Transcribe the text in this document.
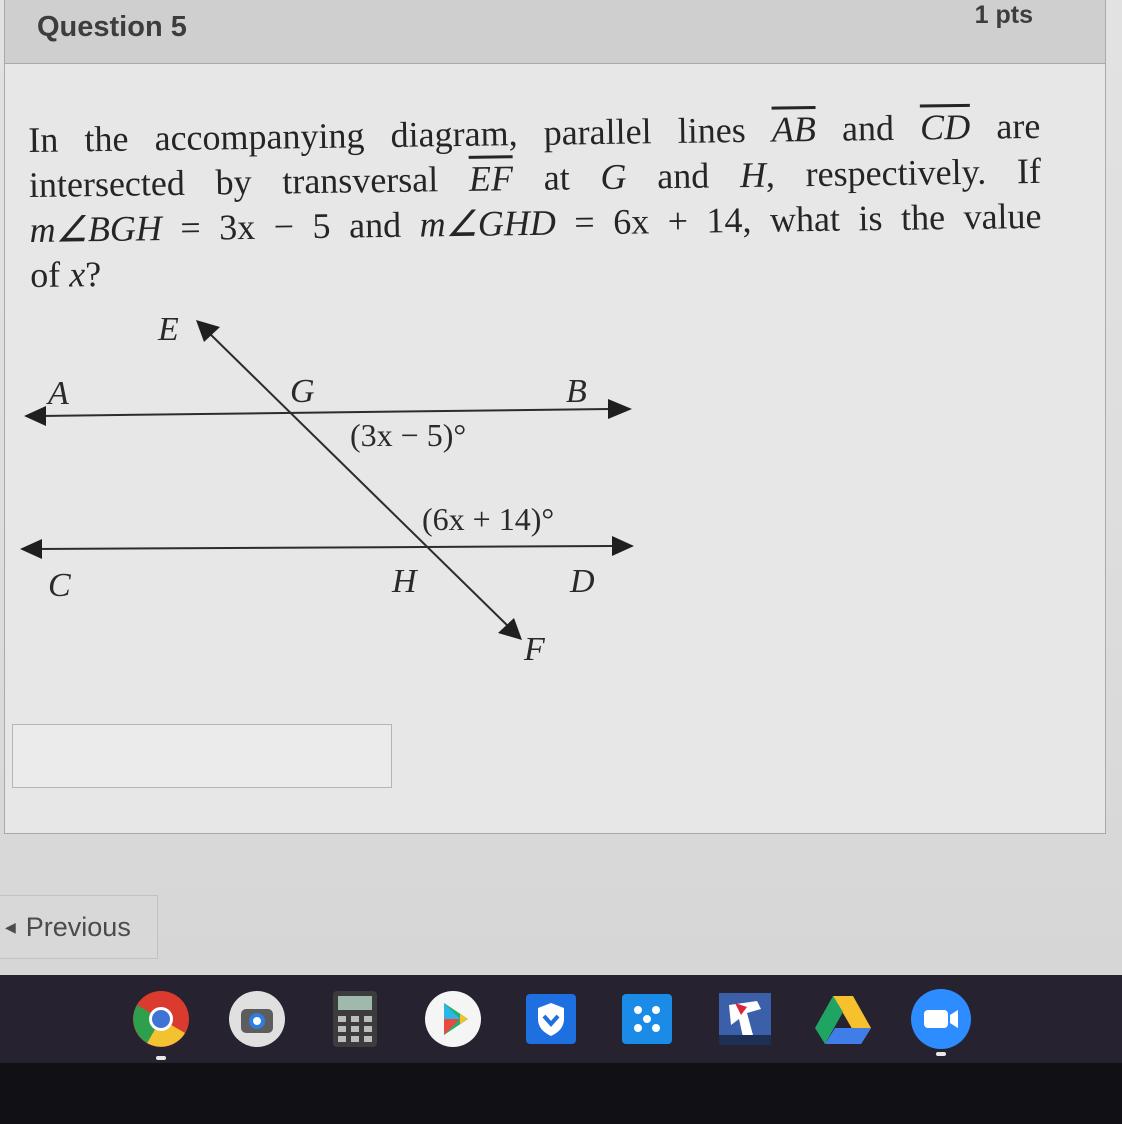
Question 5	1 pts
In the accompanying diagram, parallel lines $\overline{AB}$ and $\overline{CD}$ are
intersected by transversal $\overline{EF}$ at G and H, respectively. If
m∠BGH = 3x − 5 and m∠GHD = 6x + 14, what is the value
of x?
E
A	G	B
C	H	D
F
(3x − 5)°
(6x + 14)°
◀ Previous
